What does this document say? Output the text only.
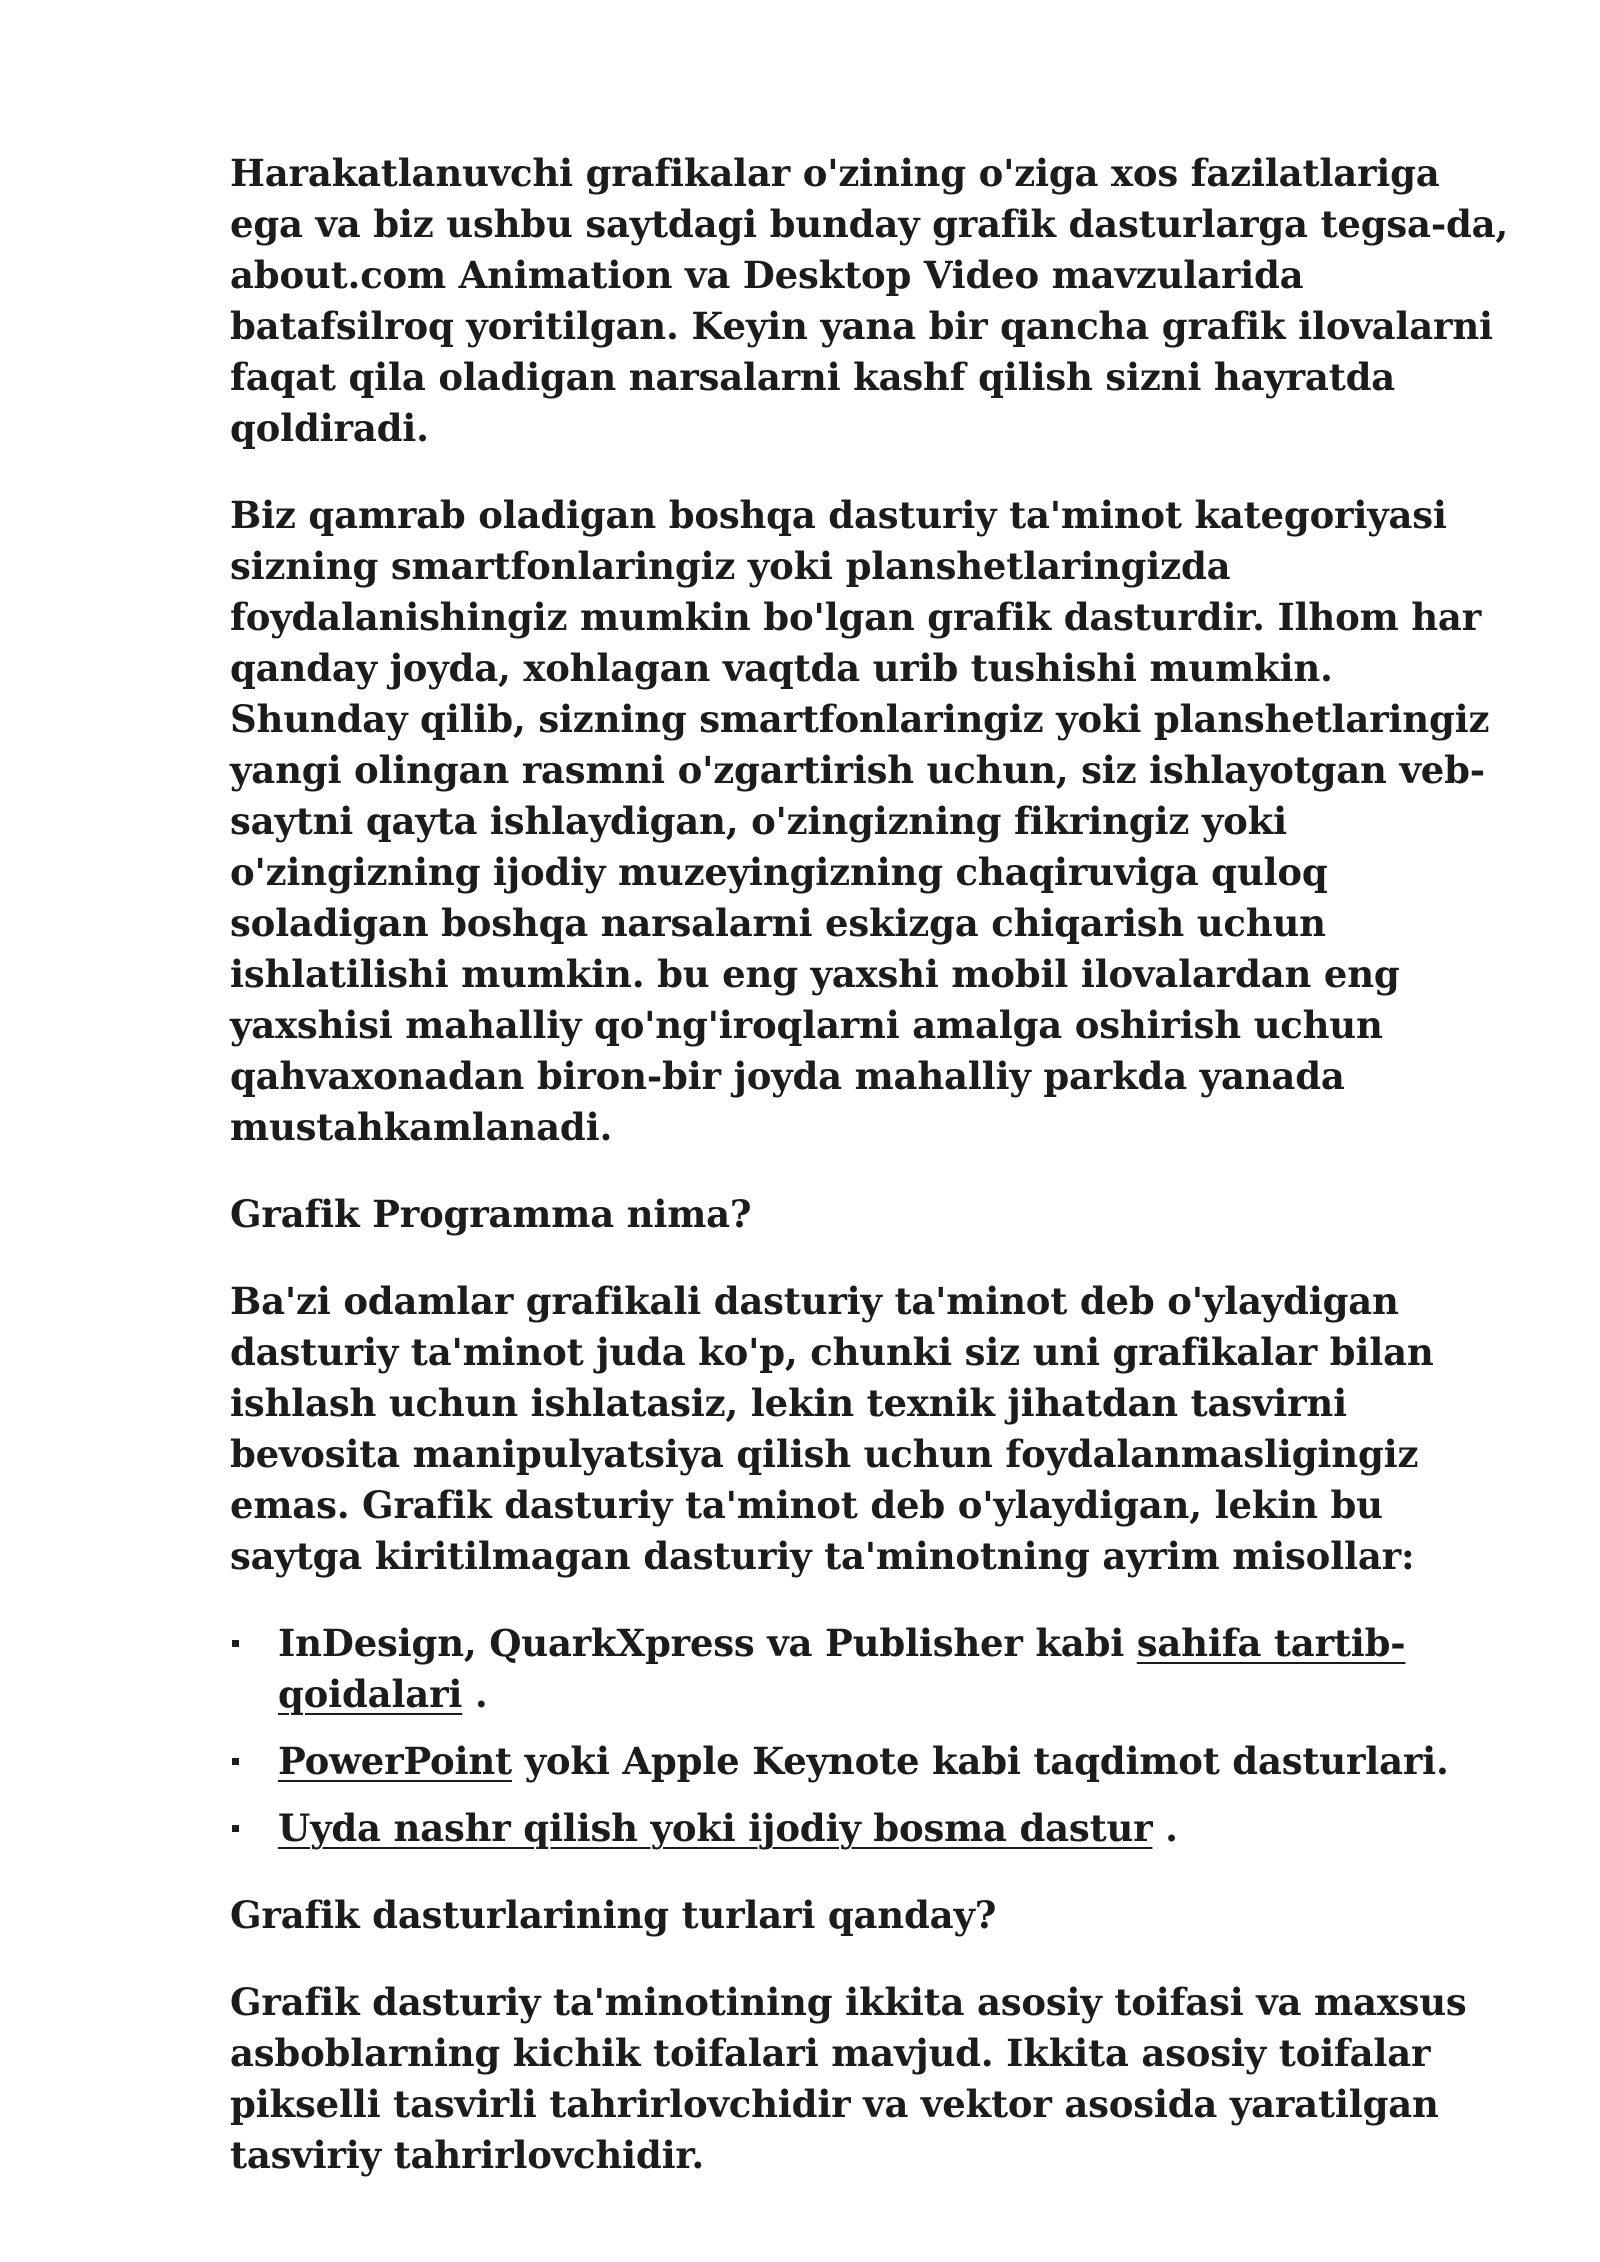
Harakatlanuvchi grafikalar o'zining o'ziga xos fazilatlariga ega va biz ushbu saytdagi bunday grafik dasturlarga tegsa-da, about.com Animation va Desktop Video mavzularida batafsilroq yoritilgan. Keyin yana bir qancha grafik ilovalarni faqat qila oladigan narsalarni kashf qilish sizni hayratda qoldiradi.

Biz qamrab oladigan boshqa dasturiy ta'minot kategoriyasi sizning smartfonlaringiz yoki planshetlaringizda foydalanishingiz mumkin bo'lgan grafik dasturdir. Ilhom har qanday joyda, xohlagan vaqtda urib tushishi mumkin. Shunday qilib, sizning smartfonlaringiz yoki planshetlaringiz yangi olingan rasmni o'zgartirish uchun, siz ishlayotgan veb-saytni qayta ishlaydigan, o'zingizning fikringiz yoki o'zingizning ijodiy muzeyingizning chaqiruviga quloq soladigan boshqa narsalarni eskizga chiqarish uchun ishlatilishi mumkin. bu eng yaxshi mobil ilovalardan eng yaxshisi mahalliy qo'ng'iroqlarni amalga oshirish uchun qahvaxonadan biron-bir joyda mahalliy parkda yanada mustahkamlanadi.

Grafik Programma nima?

Ba'zi odamlar grafikali dasturiy ta'minot deb o'ylaydigan dasturiy ta'minot juda ko'p, chunki siz uni grafikalar bilan ishlash uchun ishlatasiz, lekin texnik jihatdan tasvirni bevosita manipulyatsiya qilish uchun foydalanmasligingiz emas. Grafik dasturiy ta'minot deb o'ylaydigan, lekin bu saytga kiritilmagan dasturiy ta'minotning ayrim misollar:

InDesign, QuarkXpress va Publisher kabi sahifa tartib-qoidalari .
PowerPoint yoki Apple Keynote kabi taqdimot dasturlari.
Uyda nashr qilish yoki ijodiy bosma dastur .

Grafik dasturlarining turlari qanday?

Grafik dasturiy ta'minotining ikkita asosiy toifasi va maxsus asboblarning kichik toifalari mavjud. Ikkita asosiy toifalar pikselli tasvirli tahrirlovchidir va vektor asosida yaratilgan tasviriy tahrirlovchidir.
